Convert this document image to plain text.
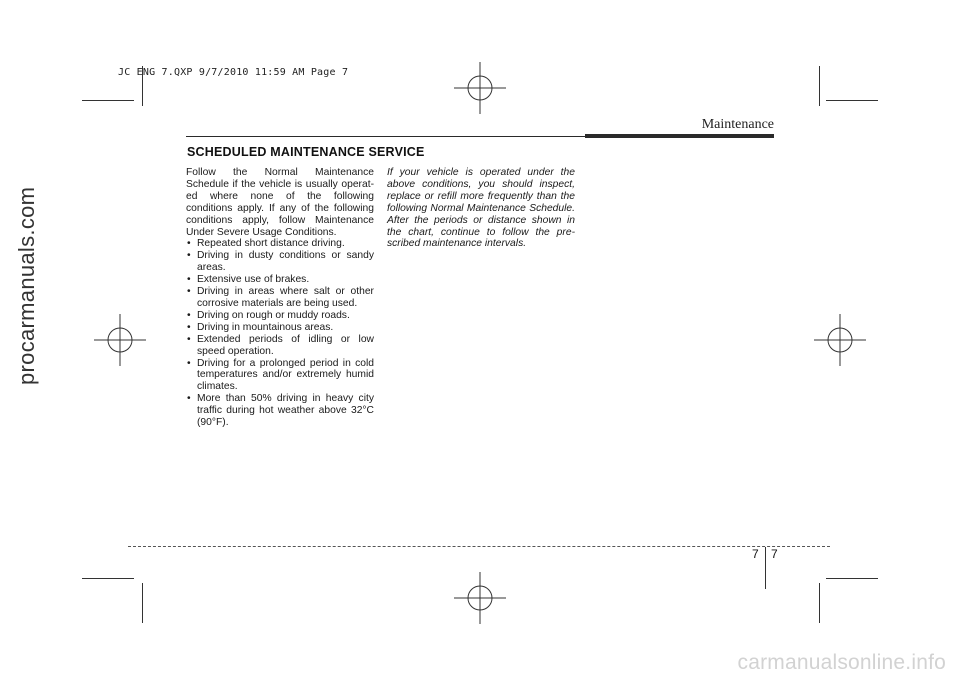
JC ENG 7.QXP 9/7/2010 11:59 AM Page 7
procarmanuals.com
Maintenance
SCHEDULED MAINTENANCE SERVICE

Follow the Normal Maintenance Schedule if the vehicle is usually operat-ed where none of the following conditions apply. If any of the following conditions apply, follow Maintenance Under Severe Usage Conditions.

• Repeated short distance driving.
• Driving in dusty conditions or sandy areas.
• Extensive use of brakes.
• Driving in areas where salt or other corrosive materials are being used.
• Driving on rough or muddy roads.
• Driving in mountainous areas.
• Extended periods of idling or low speed operation.
• Driving for a prolonged period in cold temperatures and/or extremely humid climates.
• More than 50% driving in heavy city traffic during hot weather above 32°C (90°F).

If your vehicle is operated under the above conditions, you should inspect, replace or refill more frequently than the following Normal Maintenance Schedule. After the periods or distance shown in the chart, continue to follow the pre-scribed maintenance intervals.

7 7
carmanualsonline.info
